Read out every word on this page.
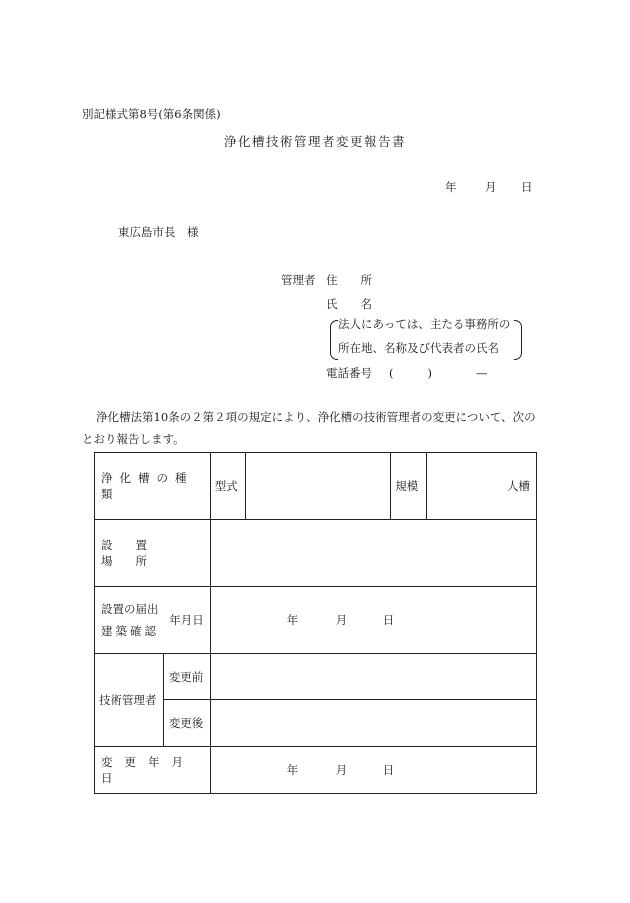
別記様式第8号(第6条関係)
浄化槽技術管理者変更報告書
年 月 日
東広島市長　様
管理者 住　　所
氏　　名
法人にあっては、主たる事務所の
所在地、名称及び代表者の氏名
電話番号 (	)	—
浄化槽法第10条の２第２項の規定により、浄化槽の技術管理者の変更について、次の
とおり報告します。
浄化槽の種類		型式		規模	人槽
設置場所					

設置の届出
建築確認
年月日		年 月 日			
技術管理者	変更前				
	変更後				
変更年月日		年 月 日			
